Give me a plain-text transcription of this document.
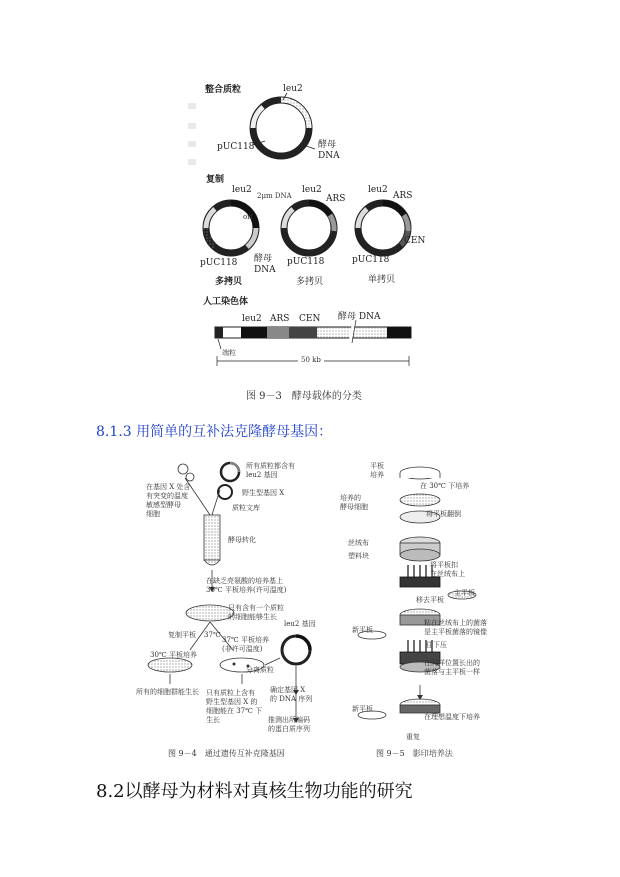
整合质粒	leu2
pUC118	酵母
DNA
复制
leu2
2μm DNA
ori
pUC118 酵母
DNA
多拷贝
leu2
ARS
pUC118
多拷贝
leu2
ARS
CEN
pUC118
单拷贝
人工染色体
leu2 ARS CEN 酵母 DNA
端粒
50 kb
图 9－3　酵母载体的分类
8.1.3 用简单的互补法克隆酵母基因：
在基因 X 处含
有突变的温度
敏感型酵母
细胞
所有质粒都含有
leu2 基因
野生型基因 X
质粒文库
酵母转化
在缺乏亮氨酸的培养基上
30℃ 平板培养(许可温度)
只有含有一个质粒
的细胞能够生长
复制平板 37℃
37℃ 平板培养
(非许可温度)
30℃ 平板培养
leu2 基因
分离质粒
所有的细胞群能生长 只有质粒上含有
野生型基因 X 的
细胞能在 37℃ 下
生长
确定基因 X
的 DNA 序列
推测出所编码
的蛋白质序列
图 9－4　通过遗传互补克隆基因
平板
培养
在 30℃ 下培养
培养的
酵母细胞
将平板翻倒
丝绒布
塑料块
将平板扣
在丝绒布上
移去平板
主平板
粘在丝绒布上的菌落
是主平板菌落的镜像
新平板
往下压
在同样位置长出的
菌落与主平板一样
新平板
在理想温度下培养
重复
图 9－5　影印培养法
8.2以酵母为材料对真核生物功能的研究
